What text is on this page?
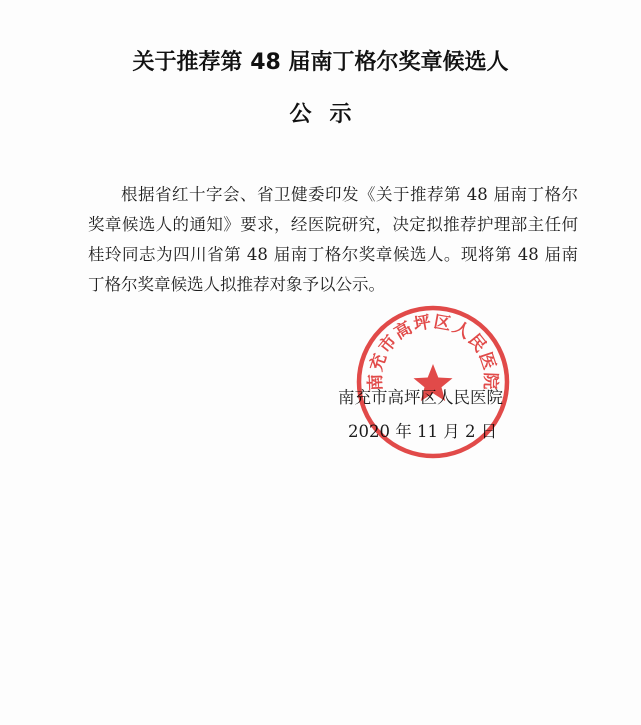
关于推荐第 48 届南丁格尔奖章候选人
公示
根据省红十字会、省卫健委印发《关于推荐第 48 届南丁格尔奖章候选人的通知》要求，经医院研究，决定拟推荐护理部主任何桂玲同志为四川省第 48 届南丁格尔奖章候选人。现将第 48 届南丁格尔奖章候选人拟推荐对象予以公示。
南充市高坪区人民医院
2020 年 11 月 2 日
南充市高坪区人民医院
